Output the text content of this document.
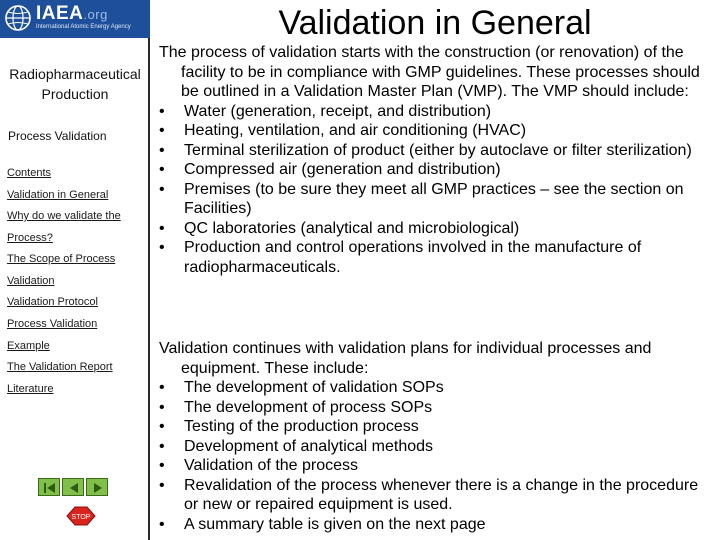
IAEA.org
International Atomic Energy Agency
Radiopharmaceutical Production
Process Validation
Contents
Validation in General
Why do we validate the
Process?
The Scope of Process
Validation
Validation Protocol
Process Validation
Example
The Validation Report
Literature
STOP
Validation in General
The process of validation starts with the construction (or renovation) of the facility to be in compliance with GMP guidelines. These processes should be outlined in a Validation Master Plan (VMP). The VMP should include:
•	Water (generation, receipt, and distribution)
•	Heating, ventilation, and air conditioning (HVAC)
•	Terminal sterilization of product (either by autoclave or filter sterilization)
•	Compressed air (generation and distribution)
•	Premises (to be sure they meet all GMP practices – see the section on Facilities)
•	QC laboratories (analytical and microbiological)
•	Production and control operations involved in the manufacture of radiopharmaceuticals.
Validation continues with validation plans for individual processes and equipment. These include:
•	The development of validation SOPs
•	The development of process SOPs
•	Testing of the production process
•	Development of analytical methods
•	Validation of the process
•	Revalidation of the process whenever there is a change in the procedure or new or repaired equipment is used.
•	A summary table is given on the next page
